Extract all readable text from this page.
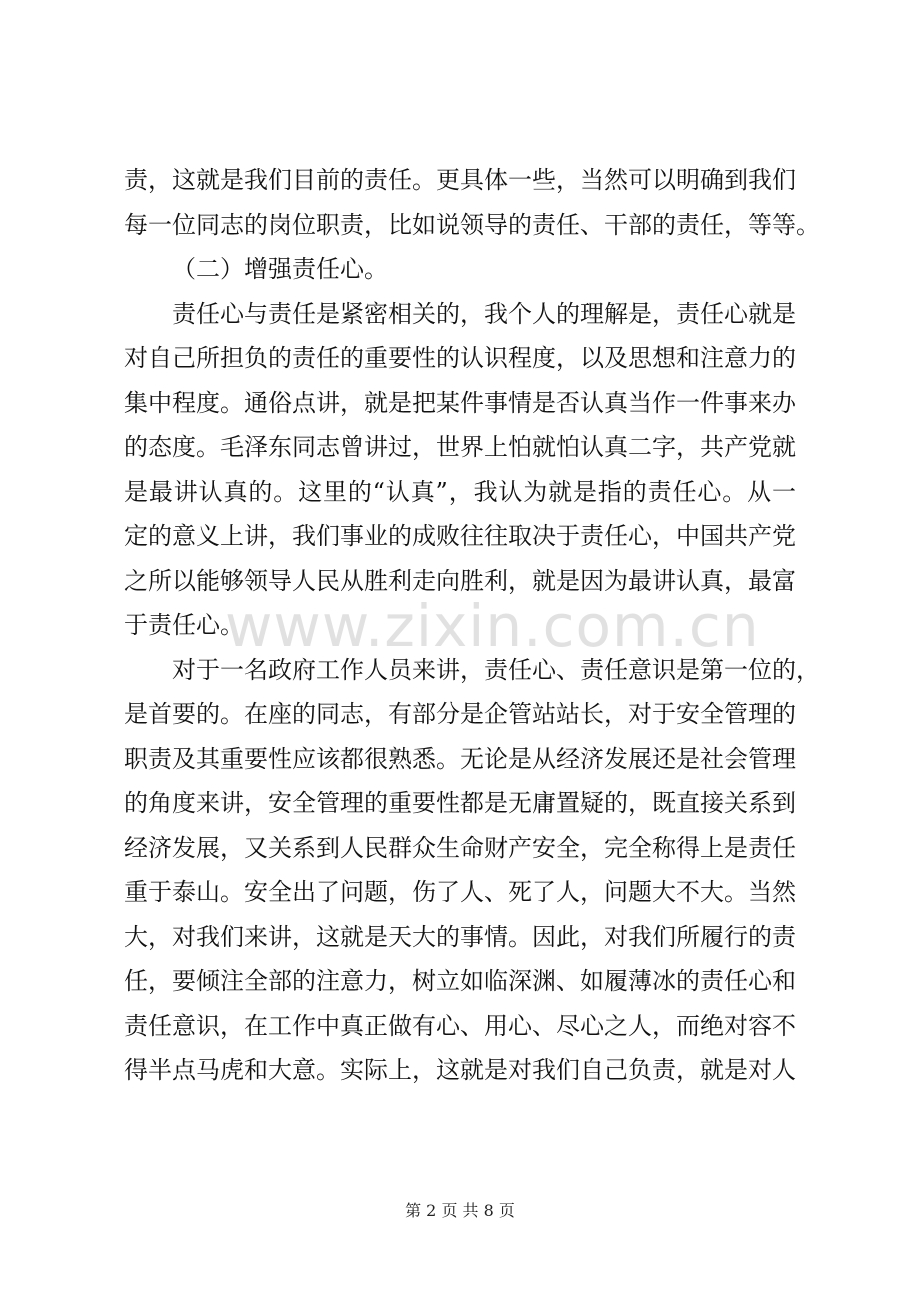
责，这就是我们目前的责任。更具体一些，当然可以明确到我们
每一位同志的岗位职责，比如说领导的责任、干部的责任，等等。
（二）增强责任心。
责任心与责任是紧密相关的，我个人的理解是，责任心就是
对自己所担负的责任的重要性的认识程度，以及思想和注意力的
集中程度。通俗点讲，就是把某件事情是否认真当作一件事来办
的态度。毛泽东同志曾讲过，世界上怕就怕认真二字，共产党就
是最讲认真的。这里的“认真”，我认为就是指的责任心。从一
定的意义上讲，我们事业的成败往往取决于责任心，中国共产党
之所以能够领导人民从胜利走向胜利，就是因为最讲认真，最富
于责任心。
对于一名政府工作人员来讲，责任心、责任意识是第一位的，
是首要的。在座的同志，有部分是企管站站长，对于安全管理的
职责及其重要性应该都很熟悉。无论是从经济发展还是社会管理
的角度来讲，安全管理的重要性都是无庸置疑的，既直接关系到
经济发展，又关系到人民群众生命财产安全，完全称得上是责任
重于泰山。安全出了问题，伤了人、死了人，问题大不大。当然
大，对我们来讲，这就是天大的事情。因此，对我们所履行的责
任，要倾注全部的注意力，树立如临深渊、如履薄冰的责任心和
责任意识，在工作中真正做有心、用心、尽心之人，而绝对容不
得半点马虎和大意。实际上，这就是对我们自己负责，就是对人
www.zixin.com.cn
第 2 页 共 8 页
